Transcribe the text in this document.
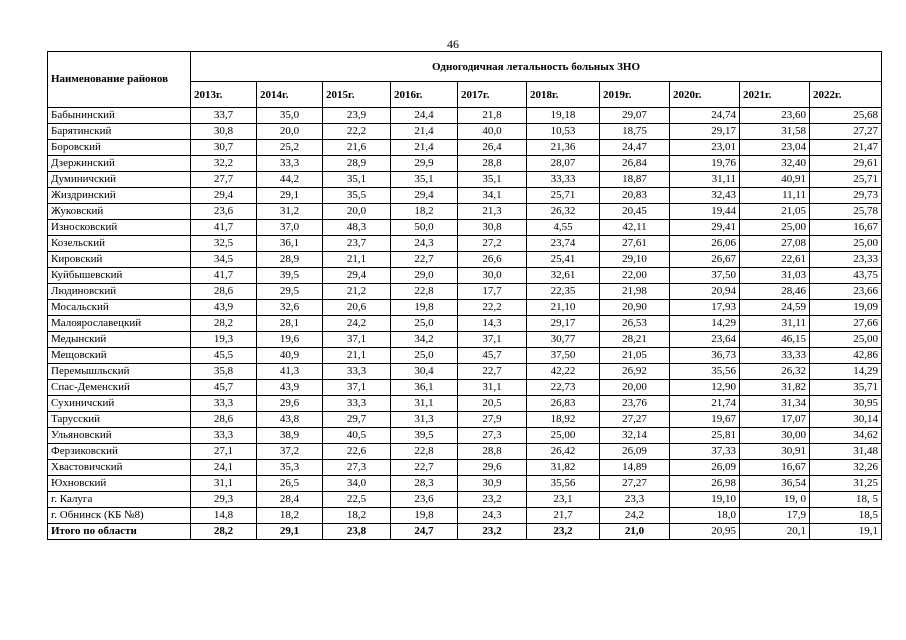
46
Наименование районов	Одногодичная летальность больных ЗНО									
	2013г.	2014г.	2015г.	2016г.	2017г.	2018г.	2019г.	2020г.	2021г.	2022г.
Бабынинский	33,7	35,0	23,9	24,4	21,8	19,18	29,07	24,74	23,60	25,68
Барятинский	30,8	20,0	22,2	21,4	40,0	10,53	18,75	29,17	31,58	27,27
Боровский	30,7	25,2	21,6	21,4	26,4	21,36	24,47	23,01	23,04	21,47
Дзержинский	32,2	33,3	28,9	29,9	28,8	28,07	26,84	19,76	32,40	29,61
Думиничский	27,7	44,2	35,1	35,1	35,1	33,33	18,87	31,11	40,91	25,71
Жиздринский	29,4	29,1	35,5	29,4	34,1	25,71	20,83	32,43	11,11	29,73
Жуковский	23,6	31,2	20,0	18,2	21,3	26,32	20,45	19,44	21,05	25,78
Износковский	41,7	37,0	48,3	50,0	30,8	4,55	42,11	29,41	25,00	16,67
Козельский	32,5	36,1	23,7	24,3	27,2	23,74	27,61	26,06	27,08	25,00
Кировский	34,5	28,9	21,1	22,7	26,6	25,41	29,10	26,67	22,61	23,33
Куйбышевский	41,7	39,5	29,4	29,0	30,0	32,61	22,00	37,50	31,03	43,75
Людиновский	28,6	29,5	21,2	22,8	17,7	22,35	21,98	20,94	28,46	23,66
Мосальский	43,9	32,6	20,6	19,8	22,2	21,10	20,90	17,93	24,59	19,09
Малоярославецкий	28,2	28,1	24,2	25,0	14,3	29,17	26,53	14,29	31,11	27,66
Медынский	19,3	19,6	37,1	34,2	37,1	30,77	28,21	23,64	46,15	25,00
Мещовский	45,5	40,9	21,1	25,0	45,7	37,50	21,05	36,73	33,33	42,86
Перемышльский	35,8	41,3	33,3	30,4	22,7	42,22	26,92	35,56	26,32	14,29
Спас-Деменский	45,7	43,9	37,1	36,1	31,1	22,73	20,00	12,90	31,82	35,71
Сухиничский	33,3	29,6	33,3	31,1	20,5	26,83	23,76	21,74	31,34	30,95
Тарусский	28,6	43,8	29,7	31,3	27,9	18,92	27,27	19,67	17,07	30,14
Ульяновский	33,3	38,9	40,5	39,5	27,3	25,00	32,14	25,81	30,00	34,62
Ферзиковский	27,1	37,2	22,6	22,8	28,8	26,42	26,09	37,33	30,91	31,48
Хвастовичский	24,1	35,3	27,3	22,7	29,6	31,82	14,89	26,09	16,67	32,26
Юхновский	31,1	26,5	34,0	28,3	30,9	35,56	27,27	26,98	36,54	31,25
г. Калуга	29,3	28,4	22,5	23,6	23,2	23,1	23,3	19,10	19, 0	18, 5
г. Обнинск (КБ №8)	14,8	18,2	18,2	19,8	24,3	21,7	24,2	18,0	17,9	18,5
Итого по области	28,2	29,1	23,8	24,7	23,2	23,2	21,0	20,95	20,1	19,1
